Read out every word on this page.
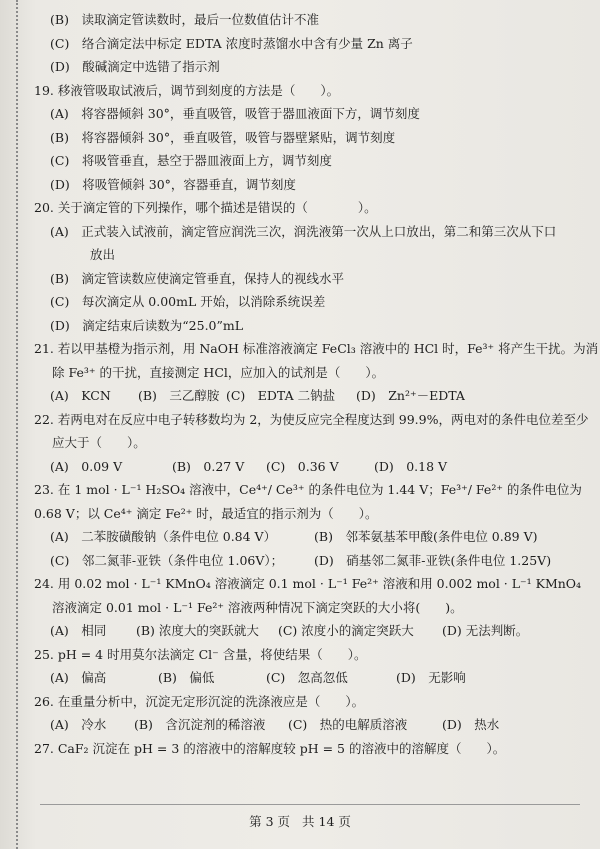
(B)　读取滴定管读数时，最后一位数值估计不准
(C)　络合滴定法中标定 EDTA 浓度时蒸馏水中含有少量 Zn 离子
(D)　酸碱滴定中选错了指示剂
19. 移液管吸取试液后，调节到刻度的方法是（　　）。
(A)　将容器倾斜 30°，垂直吸管，吸管于器皿液面下方，调节刻度
(B)　将容器倾斜 30°，垂直吸管，吸管与器壁紧贴，调节刻度
(C)　将吸管垂直，悬空于器皿液面上方，调节刻度
(D)　将吸管倾斜 30°，容器垂直，调节刻度
20. 关于滴定管的下列操作，哪个描述是错误的（　　　　）。
(A)　正式装入试液前，滴定管应润洗三次，润洗液第一次从上口放出，第二和第三次从下口
放出
(B)　滴定管读数应使滴定管垂直，保持人的视线水平
(C)　每次滴定从 0.00mL 开始，以消除系统误差
(D)　滴定结束后读数为“25.0”mL
21. 若以甲基橙为指示剂，用 NaOH 标准溶液滴定 FeCl₃ 溶液中的 HCl 时，Fe³⁺ 将产生干扰。为消
除 Fe³⁺ 的干扰，直接测定 HCl，应加入的试剂是（　　）。
(A)　KCN (B)　三乙醇胺 (C)　EDTA 二钠盐 (D)　Zn²⁺－EDTA
22. 若两电对在反应中电子转移数均为 2，为使反应完全程度达到 99.9%，两电对的条件电位差至少
应大于（　　）。
(A)　0.09 V	(B)　0.27 V (C)　0.36 V	(D)　0.18 V
23. 在 1 mol · L⁻¹ H₂SO₄ 溶液中，Ce⁴⁺/ Ce³⁺ 的条件电位为 1.44 V；Fe³⁺/ Fe²⁺ 的条件电位为
0.68 V；以 Ce⁴⁺ 滴定 Fe²⁺ 时，最适宜的指示剂为（　　）。
(A)　二苯胺磺酸钠（条件电位 0.84 V）	(B)　邻苯氨基苯甲酸(条件电位 0.89 V)
(C)　邻二氮菲-亚铁（条件电位 1.06V）；	(D)　硝基邻二氮菲-亚铁(条件电位 1.25V)
24. 用 0.02 mol · L⁻¹ KMnO₄ 溶液滴定 0.1 mol · L⁻¹ Fe²⁺ 溶液和用 0.002 mol · L⁻¹ KMnO₄
溶液滴定 0.01 mol · L⁻¹ Fe²⁺ 溶液两种情况下滴定突跃的大小将(　　)。
(A)　相同 (B) 浓度大的突跃就大 (C) 浓度小的滴定突跃大 (D) 无法判断。
25. pH = 4 时用莫尔法滴定 Cl⁻ 含量，将使结果（　　）。
(A)　偏高	(B)　偏低	(C)　忽高忽低	(D)　无影响
26. 在重量分析中，沉淀无定形沉淀的洗涤液应是（　　）。
(A)　冷水 (B)　含沉淀剂的稀溶液 (C)　热的电解质溶液	(D)　热水
27. CaF₂ 沉淀在 pH = 3 的溶液中的溶解度较 pH = 5 的溶液中的溶解度（　　）。
第 3 页 共 14 页
